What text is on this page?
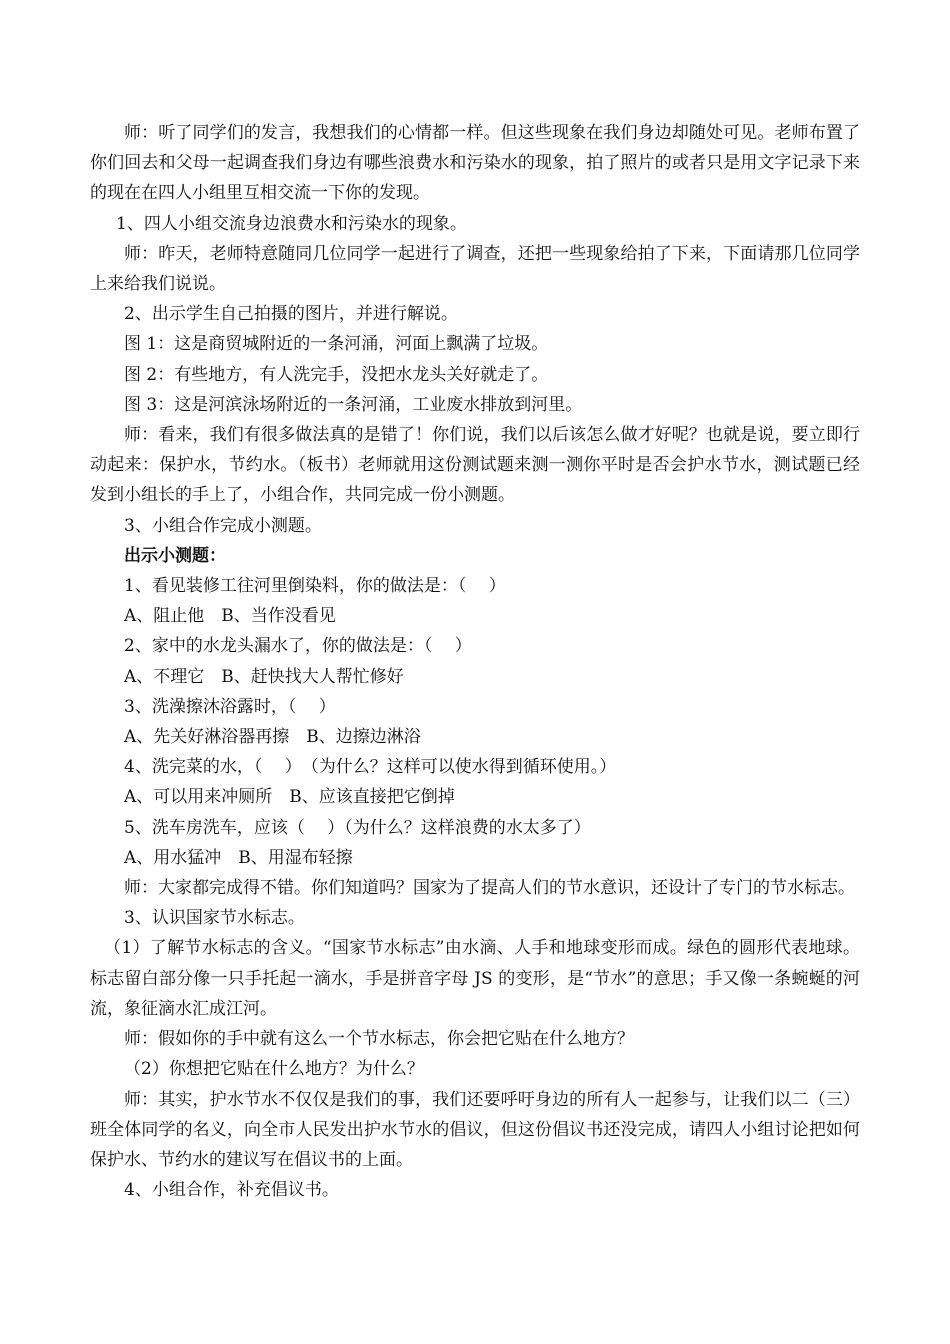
师：听了同学们的发言，我想我们的心情都一样。但这些现象在我们身边却随处可见。老师布置了你们回去和父母一起调查我们身边有哪些浪费水和污染水的现象，拍了照片的或者只是用文字记录下来的现在在四人小组里互相交流一下你的发现。

1、四人小组交流身边浪费水和污染水的现象。

师：昨天，老师特意随同几位同学一起进行了调查，还把一些现象给拍了下来，下面请那几位同学上来给我们说说。

2、出示学生自己拍摄的图片，并进行解说。

图 1：这是商贸城附近的一条河涌，河面上飘满了垃圾。

图 2：有些地方，有人洗完手，没把水龙头关好就走了。

图 3：这是河滨泳场附近的一条河涌，工业废水排放到河里。

师：看来，我们有很多做法真的是错了！你们说，我们以后该怎么做才好呢？也就是说，要立即行动起来：保护水，节约水。（板书）老师就用这份测试题来测一测你平时是否会护水节水，测试题已经发到小组长的手上了，小组合作，共同完成一份小测题。

3、小组合作完成小测题。

出示小测题：

1、看见装修工往河里倒染料，你的做法是：（　 ）

A、阻止他　B、当作没看见

2、家中的水龙头漏水了，你的做法是：（　 ）

A、不理它　B、赶快找大人帮忙修好

3、洗澡擦沐浴露时，（　 ）

A、先关好淋浴器再擦　B、边擦边淋浴

4、洗完菜的水，（　 ）　（为什么？这样可以使水得到循环使用。）

A、可以用来冲厕所　B、应该直接把它倒掉

5、洗车房洗车，应该（　 ）（为什么？这样浪费的水太多了）

A、用水猛冲　B、用湿布轻擦

师：大家都完成得不错。你们知道吗？国家为了提高人们的节水意识，还设计了专门的节水标志。

3、认识国家节水标志。

（1）了解节水标志的含义。“国家节水标志”由水滴、人手和地球变形而成。绿色的圆形代表地球。标志留白部分像一只手托起一滴水，手是拼音字母 JS 的变形，是“节水”的意思；手又像一条蜿蜒的河流，象征滴水汇成江河。

师：假如你的手中就有这么一个节水标志，你会把它贴在什么地方？

（2）你想把它贴在什么地方？为什么？

师：其实，护水节水不仅仅是我们的事，我们还要呼吁身边的所有人一起参与，让我们以二（三）班全体同学的名义，向全市人民发出护水节水的倡议，但这份倡议书还没完成，请四人小组讨论把如何保护水、节约水的建议写在倡议书的上面。

4、小组合作，补充倡议书。
